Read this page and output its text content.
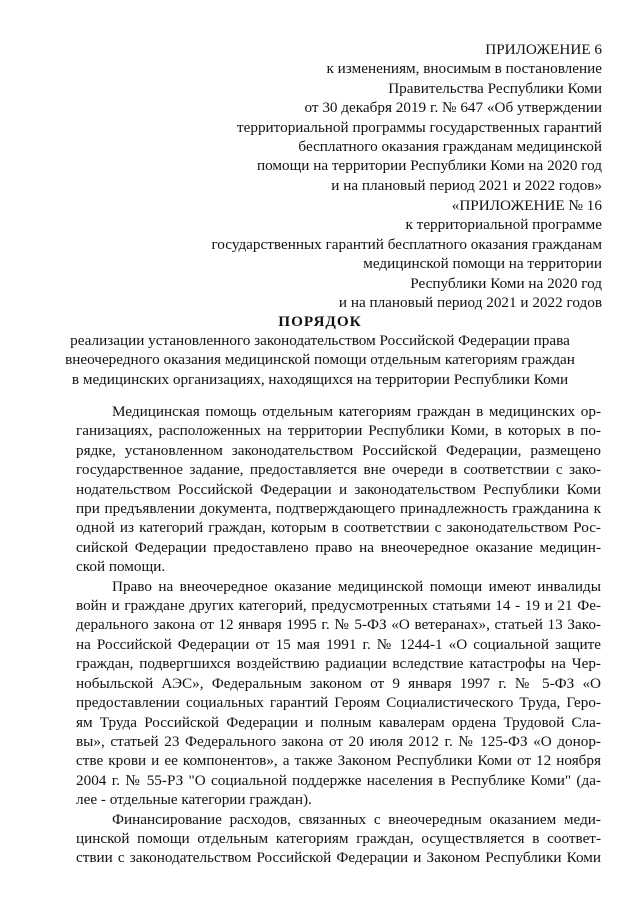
ПРИЛОЖЕНИЕ 6
к изменениям, вносимым в постановление
Правительства Республики Коми
от 30 декабря 2019 г. № 647 «Об утверждении
территориальной программы государственных гарантий
бесплатного оказания гражданам медицинской
помощи на территории Республики Коми на 2020 год
и на плановый период 2021 и 2022 годов»
«ПРИЛОЖЕНИЕ № 16
к территориальной программе
государственных гарантий бесплатного оказания гражданам
медицинской помощи на территории
Республики Коми на 2020 год
и на плановый период 2021 и 2022 годов
ПОРЯДОК
реализации установленного законодательством Российской Федерации права
внеочередного оказания медицинской помощи отдельным категориям граждан
в медицинских организациях, находящихся на территории Республики Коми
Медицинская помощь отдельным категориям граждан в медицинских ор-
ганизациях, расположенных на территории Республики Коми, в которых в по-
рядке, установленном законодательством Российской Федерации, размещено
государственное задание, предоставляется вне очереди в соответствии с зако-
нодательством Российской Федерации и законодательством Республики Коми
при предъявлении документа, подтверждающего принадлежность гражданина к
одной из категорий граждан, которым в соответствии с законодательством Рос-
сийской Федерации предоставлено право на внеочередное оказание медицин-
ской помощи.
Право на внеочередное оказание медицинской помощи имеют инвалиды
войн и граждане других категорий, предусмотренных статьями 14 - 19 и 21 Фе-
дерального закона от 12 января 1995 г. № 5-ФЗ «О ветеранах», статьей 13 Зако-
на Российской Федерации от 15 мая 1991 г. № 1244-1 «О социальной защите
граждан, подвергшихся воздействию радиации вследствие катастрофы на Чер-
нобыльской АЭС», Федеральным законом от 9 января 1997 г. № 5-ФЗ «О
предоставлении социальных гарантий Героям Социалистического Труда, Геро-
ям Труда Российской Федерации и полным кавалерам ордена Трудовой Сла-
вы», статьей 23 Федерального закона от 20 июля 2012 г. № 125-ФЗ «О донор-
стве крови и ее компонентов», а также Законом Республики Коми от 12 ноября
2004 г. № 55-РЗ "О социальной поддержке населения в Республике Коми" (да-
лее - отдельные категории граждан).
Финансирование расходов, связанных с внеочередным оказанием меди-
цинской помощи отдельным категориям граждан, осуществляется в соответ-
ствии с законодательством Российской Федерации и Законом Республики Коми
